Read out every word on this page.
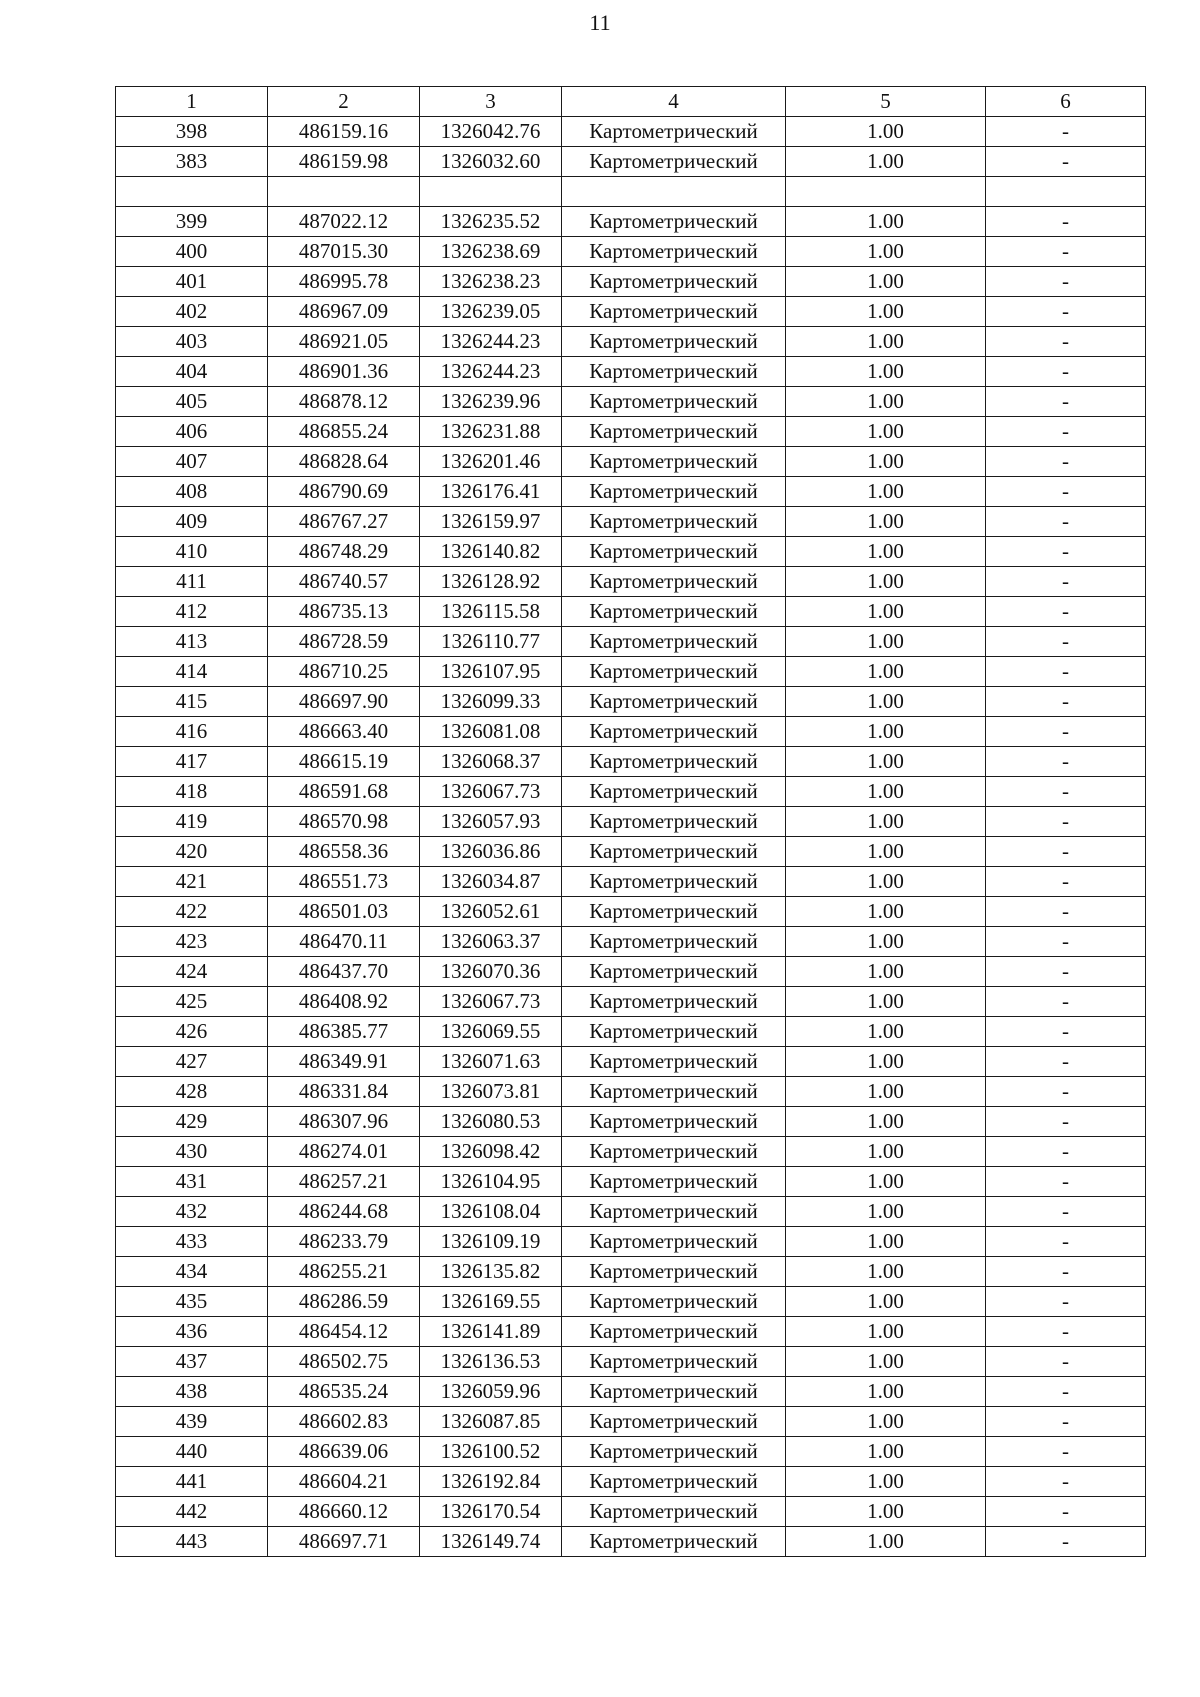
11
1	2	3	4	5	6
398	486159.16	1326042.76	Картометрический	1.00	-
383	486159.98	1326032.60	Картометрический	1.00	-

399	487022.12	1326235.52	Картометрический	1.00	-
400	487015.30	1326238.69	Картометрический	1.00	-
401	486995.78	1326238.23	Картометрический	1.00	-
402	486967.09	1326239.05	Картометрический	1.00	-
403	486921.05	1326244.23	Картометрический	1.00	-
404	486901.36	1326244.23	Картометрический	1.00	-
405	486878.12	1326239.96	Картометрический	1.00	-
406	486855.24	1326231.88	Картометрический	1.00	-
407	486828.64	1326201.46	Картометрический	1.00	-
408	486790.69	1326176.41	Картометрический	1.00	-
409	486767.27	1326159.97	Картометрический	1.00	-
410	486748.29	1326140.82	Картометрический	1.00	-
411	486740.57	1326128.92	Картометрический	1.00	-
412	486735.13	1326115.58	Картометрический	1.00	-
413	486728.59	1326110.77	Картометрический	1.00	-
414	486710.25	1326107.95	Картометрический	1.00	-
415	486697.90	1326099.33	Картометрический	1.00	-
416	486663.40	1326081.08	Картометрический	1.00	-
417	486615.19	1326068.37	Картометрический	1.00	-
418	486591.68	1326067.73	Картометрический	1.00	-
419	486570.98	1326057.93	Картометрический	1.00	-
420	486558.36	1326036.86	Картометрический	1.00	-
421	486551.73	1326034.87	Картометрический	1.00	-
422	486501.03	1326052.61	Картометрический	1.00	-
423	486470.11	1326063.37	Картометрический	1.00	-
424	486437.70	1326070.36	Картометрический	1.00	-
425	486408.92	1326067.73	Картометрический	1.00	-
426	486385.77	1326069.55	Картометрический	1.00	-
427	486349.91	1326071.63	Картометрический	1.00	-
428	486331.84	1326073.81	Картометрический	1.00	-
429	486307.96	1326080.53	Картометрический	1.00	-
430	486274.01	1326098.42	Картометрический	1.00	-
431	486257.21	1326104.95	Картометрический	1.00	-
432	486244.68	1326108.04	Картометрический	1.00	-
433	486233.79	1326109.19	Картометрический	1.00	-
434	486255.21	1326135.82	Картометрический	1.00	-
435	486286.59	1326169.55	Картометрический	1.00	-
436	486454.12	1326141.89	Картометрический	1.00	-
437	486502.75	1326136.53	Картометрический	1.00	-
438	486535.24	1326059.96	Картометрический	1.00	-
439	486602.83	1326087.85	Картометрический	1.00	-
440	486639.06	1326100.52	Картометрический	1.00	-
441	486604.21	1326192.84	Картометрический	1.00	-
442	486660.12	1326170.54	Картометрический	1.00	-
443	486697.71	1326149.74	Картометрический	1.00	-
